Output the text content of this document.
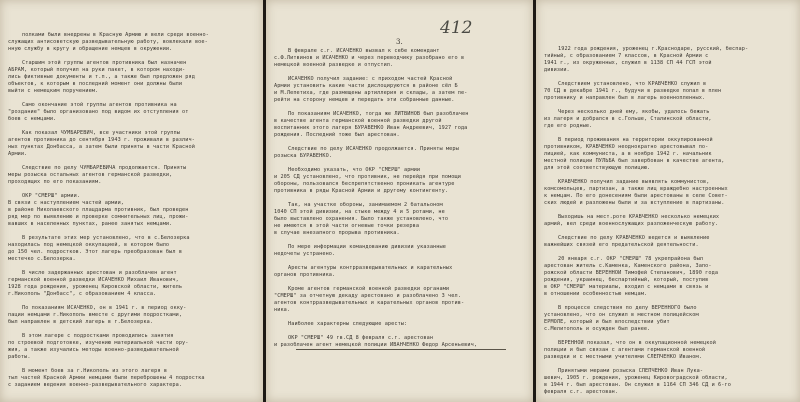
полками были внедрены в Красную Армию и вели среди военно-
служащих антисоветскую разведывательную работу, вовлекали вое-
нную службу в кругу и обращение немцев в окружении.
Старшим этой группы агентов противника был назначен
АБРАМ, который получил на руки пакет, в котором находи-
лись фиктивные документы и т.п., а также был предложен ряд
объектов, к которым в последний момент они должны были
выйти с немецким поручением.
Само окончание этой группы агентов противника на
"роздание" было организовано под видом их отступления от
боев с немцами.
Как показал ЧУМБАРЕВИЧ, все участники этой группы
агентов противника до сентября 1943 г. проживали в различ-
ных пунктах Донбасса, а затем были приняты в части Красной
Армии.
Следствие по делу ЧУМБАРЕВИЧА продолжается. Приняты
меры розыска остальных агентов германской разведки,
проходящих по его показаниям.
ОКР "СМЕРШ" армии.
В связи с наступлением частей армии,
в районе Николаевского плацдарма противник, был проведен
ряд мер по выявлению и проверке сомнительных лиц, прожи-
вавших в населенных пунктах, ранее занятых немцами.
В результате этих мер установлено, что в с.Белозерка
находилась под немецкой оккупацией, в котором было
до 150 чел. подростков. Этот лагерь преобразован был в
местечко с.Белозерка.
В числе задержанных арестован и разоблачен агент
германской военной разведки ИСАЧЕНКО Михаил Иванович,
1928 года рождения, уроженец Кировской области, житель
г.Никополь "Донбасс", с образованием 4 класса.
По показаниям ИСАЧЕНКО, он в 1941 г. в период окку-
пации немцами г.Никополь вместе с другими подростками,
был направлен в детский лагерь в г.Белозерка.
В этом лагере с подростками проводились занятия
по строевой подготовке, изучению материальной части ору-
жия, а также изучались методы военно-разведывательной
работы.
В момент боев за г.Никополь из этого лагеря в
тыл частей Красной Армии немцами были переброшены 4 подростка
с заданием ведения военно-разведывательного характера.
3.
412
В феврале с.г. ИСАЧЕНКО вызвал к себе комендант
с.Ф.Литвинов и ИСАЧЕНКО и через переводчику разобрано его в
немецкой военной разведке и отпустил.
ИСАЧЕНКО получил задание: с приходом частей Красной
Армии установить какие части дислоцируются в районе сёл Б
и М.Лепетиха, где размещены артиллерия и склады, а затем пе-
рейти на сторону немцев и передать эти собранные данные.
По показаниям ИСАЧЕНКО, тогда же ЛИТВИНОВ был разоблачен
в качестве агента германской военной разведки другой
воспитанник этого лагеря БУРАВЕНКО Иван Андреевич, 1927 года
рождения. Последний тоже был арестован.
Следствие по делу ИСАЧЕНКО продолжается. Приняты меры
розыска БУРАВЕНКО.
Необходимо указать, что ОКР "СМЕРШ" армии
и 205 СД установлено, что противник, не перейдя при помощи
обороны, пользовался беспрепятственно проникать агентуре
противника в ряды Красной Армии и другому контингенту.
Так, на участке обороны, занимаемом 2 батальоном
1040 СП этой дивизии, на стыке между 4 и 5 ротами, не
было выставлено охранения. Было также установлено, что
не имеются в этой части огневые точки резерва
в случае внезапного прорыва противника.
По мере информации командованию дивизии указанные
недочеты устранено.
Аресты агентуры контрразведывательных и карательных
органов противника.
Кроме агентов германской военной разведки органами
"СМЕРШ" за отчетную декаду арестовано и разоблачено 3 чел.
агентов контрразведывательных и карательных органов против-
ника.
Наиболее характерны следующие аресты:
ОКР "СМЕРШ" 49 гв.СД 8 февраля с.г. арестован
и разоблачен агент немецкой полиции ИВАНЧЕНКО Федор Арсеньевич,
1922 года рождения, уроженец г.Краснодаре, русский, беспар-
тийный, с образованием 7 классов, в Красной Армии с
1941 г., из окруженных, служил в 1138 СП 44 ГСП этой
дивизии.
Следствием установлено, что КРАВЧЕНКО служил в
70 СД в декабре 1941 г., будучи в разведке попал в плен
противнику и направлен был в лагерь военнопленных.
Через несколько дней ему, якобы, удалось бежать
из лагеря и добрался в с.Гольше, Сталинской области,
где его родные.
В период проживания на территории оккупированной
противником, КРАВЧЕНКО неоднократно арестовывал по-
лицией, как коммуниста, а в ноябре 1942 г. начальник
местной полиции ПУЛЬБА был завербован в качестве агента,
для этой соответствующую полицию.
КРАВЧЕНКО получил задание выявлять коммунистов,
комсомольцев, партизан, а также лиц враждебно настроенных
к немцам. По его донесениям были арестованы в селе Совет-
ских людей и разложены были и за вступление в партизаны.
Выходишь на мест.роте КРАВЧЕНКО несколько немецких
армий, вел среди военнослужащих разложенческую работу.
Следствие по делу КРАВЧЕНКО ведется и выявление
важнейших связей его предательской деятельности.
20 января с.г. ОКР "СМЕРШ" 78 укрепрайона был
арестован житель с.Каменка, Каменского района, Запо-
рожской области ВЕРЕННОЙ Тимофей Степанович, 1890 года
рождения, украинец, беспартийный, который, поступив
в ОКР "СМЕРШ" материалы, входил с немцами в связь и
в отношении особенностью немцам.
В процессе следствия по делу ВЕРЕННОГО было
установлено, что он служил в местном полицейском
ЕРМОЛЕ, который и был впоследствии убит
с.Мелитополь и осужден был ранее.
ВЕРЕННОЙ показал, что он в оккупационной немецкой
полиции и был связан с агентами германской военной
разведки и с местными учителями СЛЕПЧЕНКО Иваном.
Принятыми мерами розыска СЛЕПЧЕНКО Иван Лука-
шевич, 1905 г. рождения, уроженец Кировоградской области,
в 1944 г. был арестован. Он служил в 1164 СП 346 СД и 6-го
февраля с.г. арестован.
